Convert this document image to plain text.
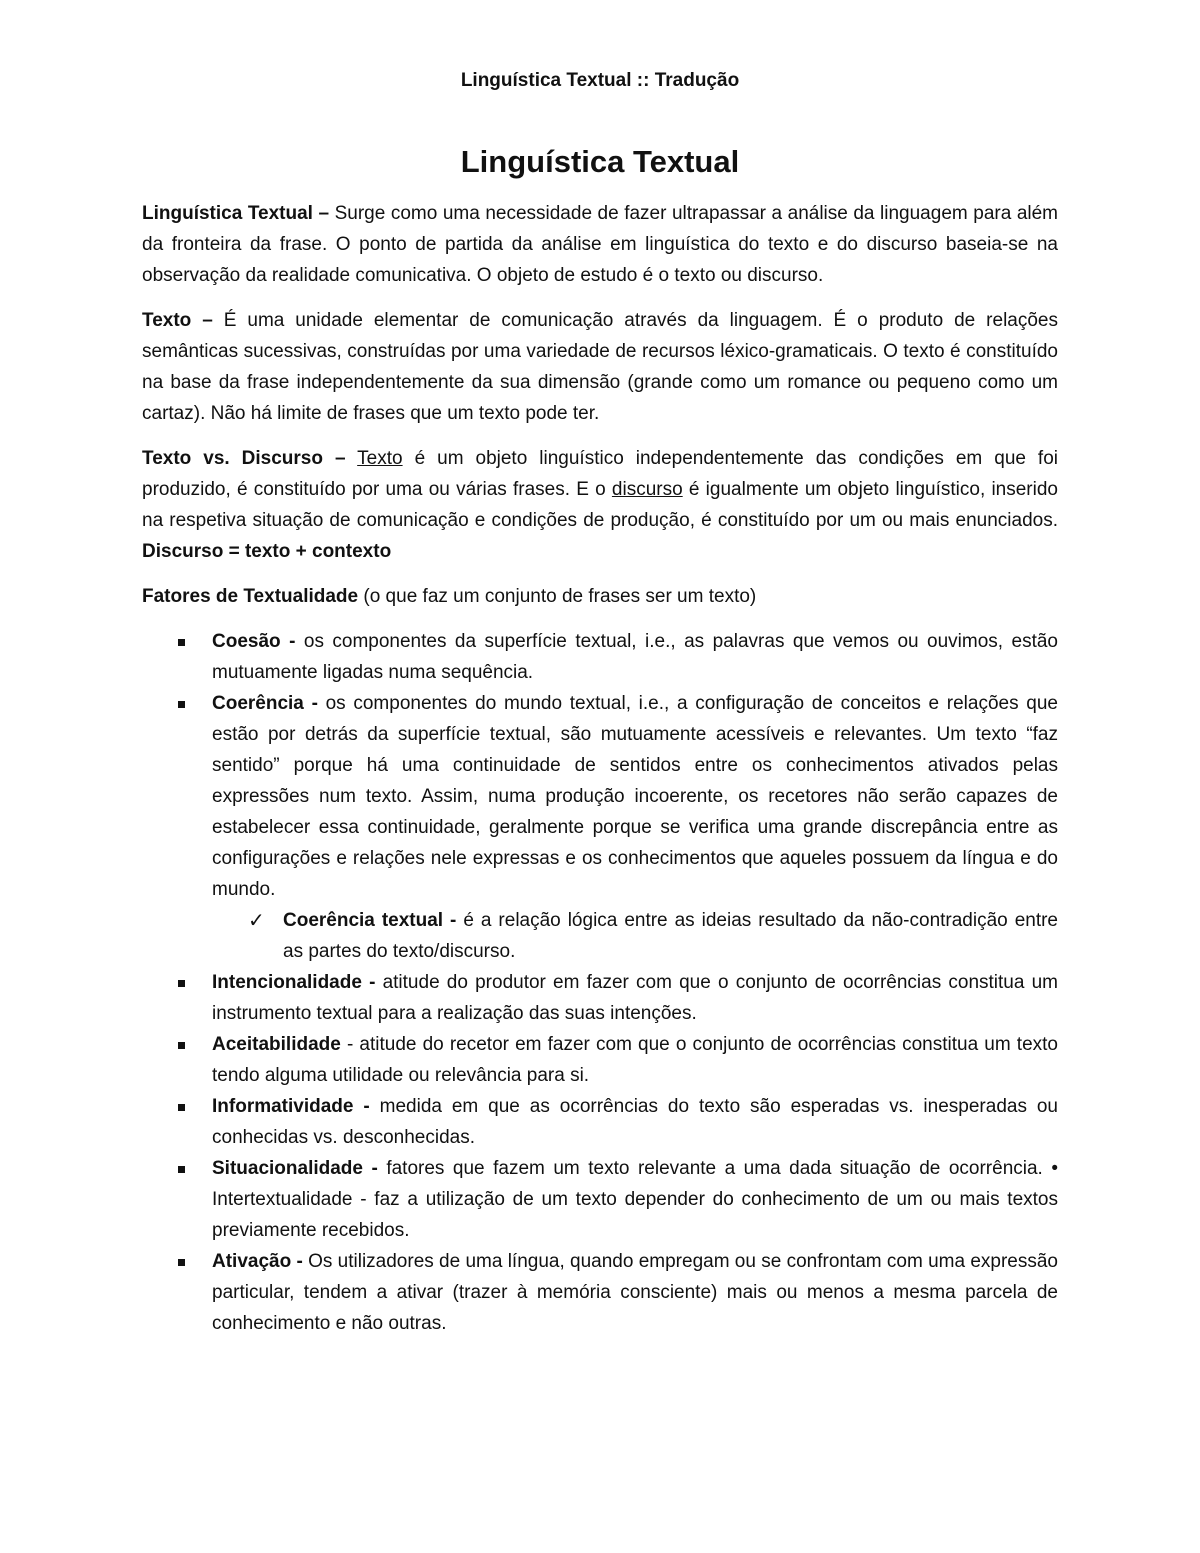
Linguística Textual :: Tradução
Linguística Textual

Linguística Textual – Surge como uma necessidade de fazer ultrapassar a análise da linguagem para além da fronteira da frase. O ponto de partida da análise em linguística do texto e do discurso baseia-se na observação da realidade comunicativa. O objeto de estudo é o texto ou discurso.

Texto – É uma unidade elementar de comunicação através da linguagem. É o produto de relações semânticas sucessivas, construídas por uma variedade de recursos léxico-gramaticais. O texto é constituído na base da frase independentemente da sua dimensão (grande como um romance ou pequeno como um cartaz). Não há limite de frases que um texto pode ter.

Texto vs. Discurso – Texto é um objeto linguístico independentemente das condições em que foi produzido, é constituído por uma ou várias frases. E o discurso é igualmente um objeto linguístico, inserido na respetiva situação de comunicação e condições de produção, é constituído por um ou mais enunciados. Discurso = texto + contexto

Fatores de Textualidade (o que faz um conjunto de frases ser um texto)

Coesão - os componentes da superfície textual, i.e., as palavras que vemos ou ouvimos, estão mutuamente ligadas numa sequência.
Coerência - os componentes do mundo textual, i.e., a configuração de conceitos e relações que estão por detrás da superfície textual, são mutuamente acessíveis e relevantes. Um texto “faz sentido” porque há uma continuidade de sentidos entre os conhecimentos ativados pelas expressões num texto. Assim, numa produção incoerente, os recetores não serão capazes de estabelecer essa continuidade, geralmente porque se verifica uma grande discrepância entre as configurações e relações nele expressas e os conhecimentos que aqueles possuem da língua e do mundo.
✓ Coerência textual - é a relação lógica entre as ideias resultado da não-contradição entre as partes do texto/discurso.
Intencionalidade - atitude do produtor em fazer com que o conjunto de ocorrências constitua um instrumento textual para a realização das suas intenções.
Aceitabilidade - atitude do recetor em fazer com que o conjunto de ocorrências constitua um texto tendo alguma utilidade ou relevância para si.
Informatividade - medida em que as ocorrências do texto são esperadas vs. inesperadas ou conhecidas vs. desconhecidas.
Situacionalidade - fatores que fazem um texto relevante a uma dada situação de ocorrência. • Intertextualidade - faz a utilização de um texto depender do conhecimento de um ou mais textos previamente recebidos.
Ativação - Os utilizadores de uma língua, quando empregam ou se confrontam com uma expressão particular, tendem a ativar (trazer à memória consciente) mais ou menos a mesma parcela de conhecimento e não outras.
